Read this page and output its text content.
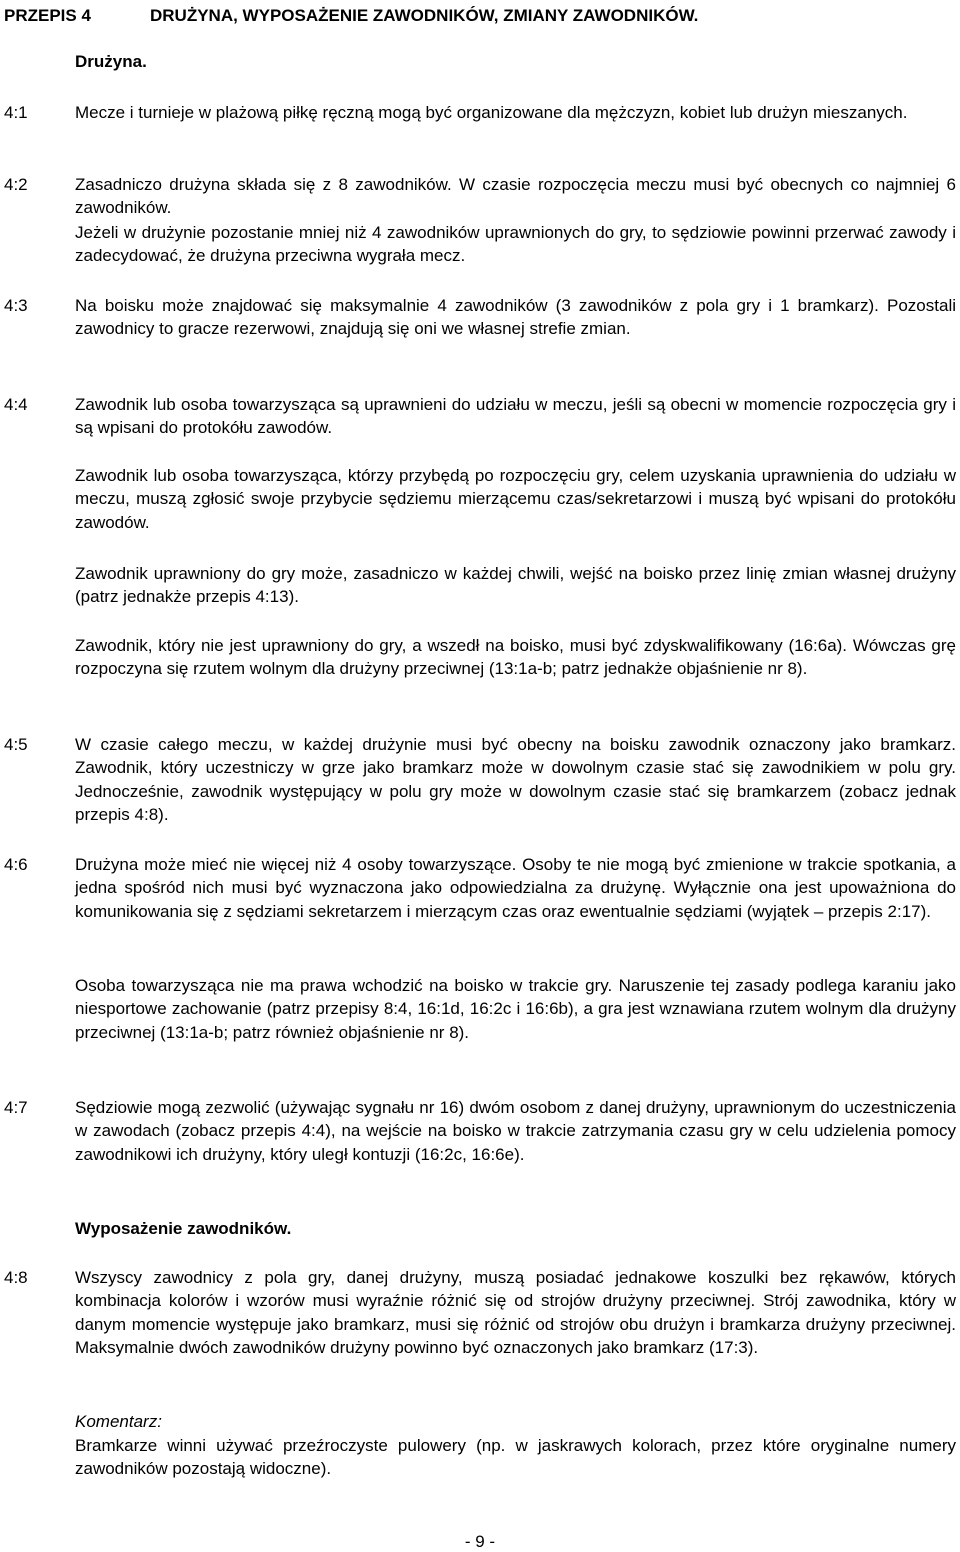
PRZEPIS 4	DRUŻYNA, WYPOSAŻENIE ZAWODNIKÓW, ZMIANY ZAWODNIKÓW.
Drużyna.
4:1	Mecze i turnieje w plażową piłkę ręczną mogą być organizowane dla mężczyzn, kobiet lub drużyn mieszanych.
4:2	Zasadniczo drużyna składa się z 8 zawodników. W czasie rozpoczęcia meczu musi być obecnych co najmniej 6 zawodników.
Jeżeli w drużynie pozostanie mniej niż 4 zawodników uprawnionych do gry, to sędziowie powinni przerwać zawody i zadecydować, że drużyna przeciwna wygrała mecz.
4:3	Na boisku może znajdować się maksymalnie 4 zawodników (3 zawodników z pola gry i 1 bramkarz). Pozostali zawodnicy to gracze rezerwowi, znajdują się oni we własnej strefie zmian.
4:4	Zawodnik lub osoba towarzysząca są uprawnieni do udziału w meczu, jeśli są obecni w momencie rozpoczęcia gry i są wpisani do protokółu zawodów.
Zawodnik lub osoba towarzysząca, którzy przybędą po rozpoczęciu gry, celem uzyskania uprawnienia do udziału w meczu, muszą zgłosić swoje przybycie sędziemu mierzącemu czas/sekretarzowi i muszą być wpisani do protokółu zawodów.
Zawodnik uprawniony do gry może, zasadniczo w każdej chwili, wejść na boisko przez linię zmian własnej drużyny (patrz jednakże przepis 4:13).
Zawodnik, który nie jest uprawniony do gry, a wszedł na boisko, musi być zdyskwalifikowany (16:6a). Wówczas grę rozpoczyna się rzutem wolnym dla drużyny przeciwnej (13:1a-b; patrz jednakże objaśnienie nr 8).
4:5	W czasie całego meczu, w każdej drużynie musi być obecny na boisku zawodnik oznaczony jako bramkarz. Zawodnik, który uczestniczy w grze jako bramkarz może w dowolnym czasie stać się zawodnikiem w polu gry. Jednocześnie, zawodnik występujący w polu gry może w dowolnym czasie stać się bramkarzem (zobacz jednak przepis 4:8).
4:6	Drużyna może mieć nie więcej niż 4 osoby towarzyszące. Osoby te nie mogą być zmienione w trakcie spotkania, a jedna spośród nich musi być wyznaczona jako odpowiedzialna za drużynę. Wyłącznie ona jest upoważniona do komunikowania się z sędziami sekretarzem i mierzącym czas oraz ewentualnie sędziami (wyjątek – przepis 2:17).
Osoba towarzysząca nie ma prawa wchodzić na boisko w trakcie gry. Naruszenie tej zasady podlega karaniu jako niesportowe zachowanie (patrz przepisy 8:4, 16:1d, 16:2c i 16:6b), a gra jest wznawiana rzutem wolnym dla drużyny przeciwnej (13:1a-b; patrz również objaśnienie nr 8).
4:7	Sędziowie mogą zezwolić (używając sygnału nr 16) dwóm osobom z danej drużyny, uprawnionym do uczestniczenia w zawodach (zobacz przepis 4:4), na wejście na boisko w trakcie zatrzymania czasu gry w celu udzielenia pomocy zawodnikowi ich drużyny, który uległ kontuzji (16:2c, 16:6e).
Wyposażenie zawodników.
4:8	Wszyscy zawodnicy z pola gry, danej drużyny, muszą posiadać jednakowe koszulki bez rękawów, których kombinacja kolorów i wzorów musi wyraźnie różnić się od strojów drużyny przeciwnej. Strój zawodnika, który w danym momencie występuje jako bramkarz, musi się różnić od strojów obu drużyn i bramkarza drużyny przeciwnej. Maksymalnie dwóch zawodników drużyny powinno być oznaczonych jako bramkarz (17:3).
Komentarz:
Bramkarze winni używać przeźroczyste pulowery (np. w jaskrawych kolorach, przez które oryginalne numery zawodników pozostają widoczne).
- 9 -
